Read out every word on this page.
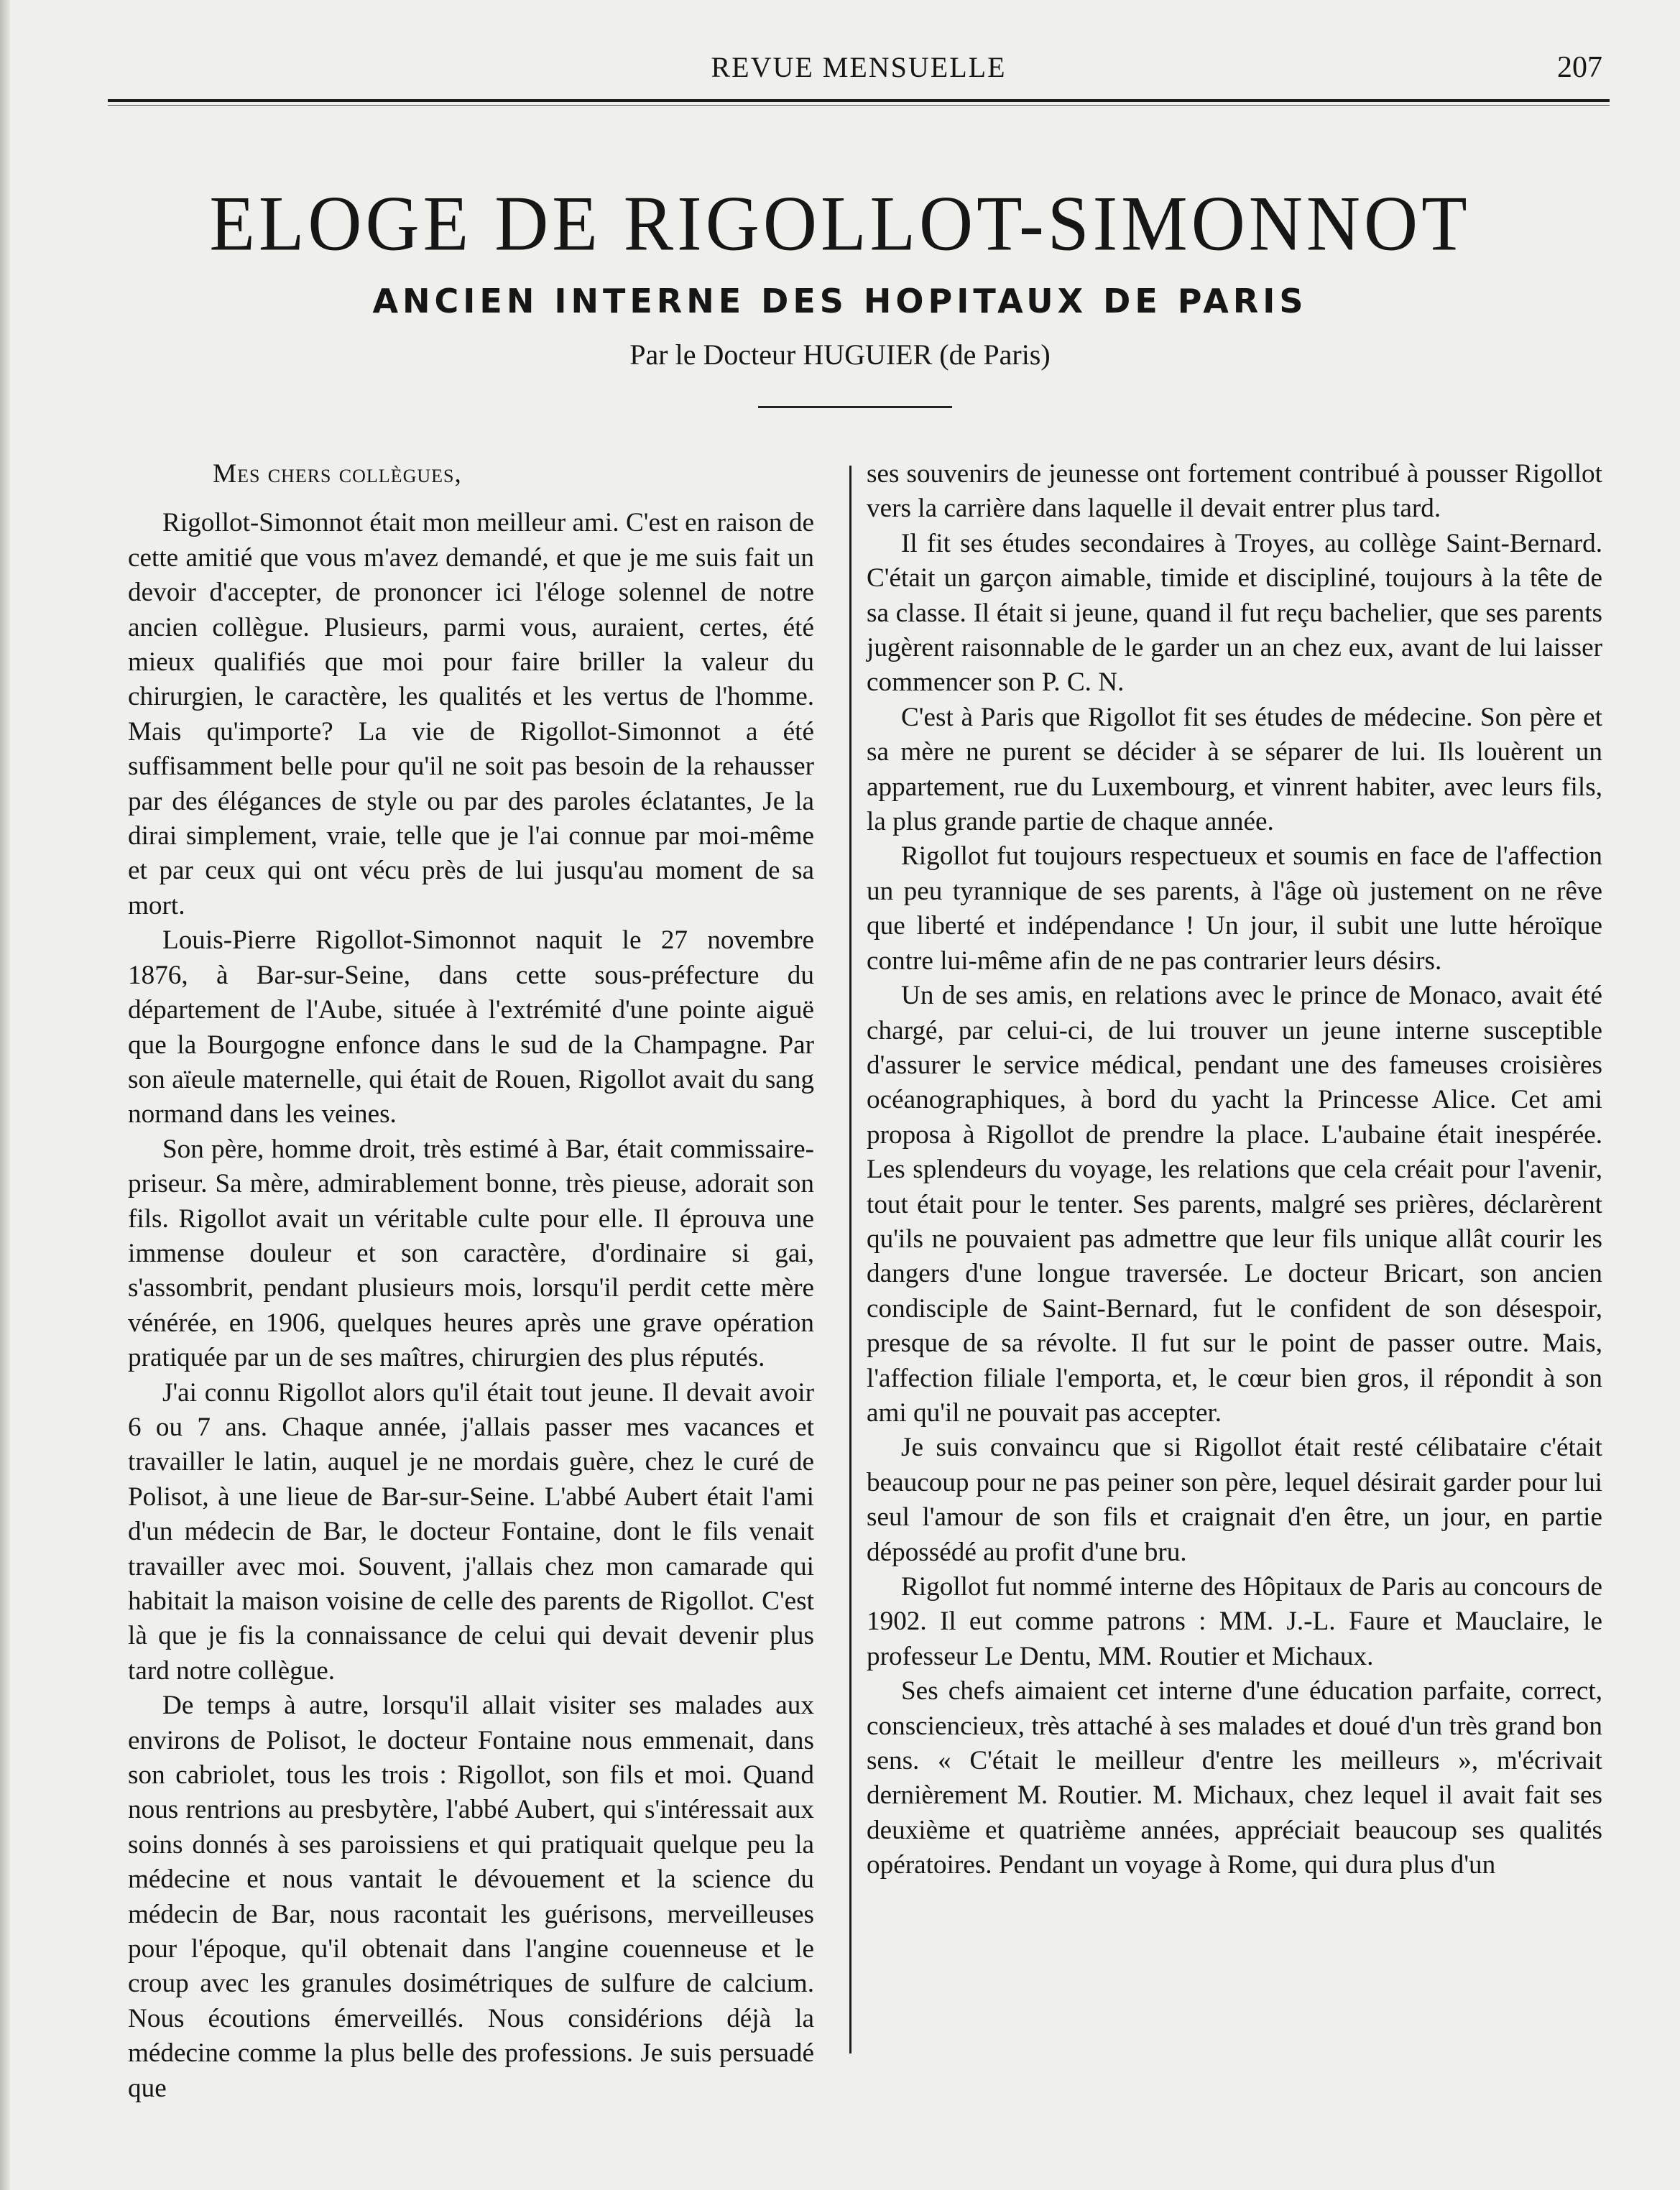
REVUE MENSUELLE	207
ELOGE DE RIGOLLOT-SIMONNOT
ANCIEN INTERNE DES HOPITAUX DE PARIS
Par le Docteur HUGUIER (de Paris)

Mes chers collègues,

Rigollot-Simonnot était mon meilleur ami. C'est en raison de cette amitié que vous m'avez demandé, et que je me suis fait un devoir d'accepter, de prononcer ici l'éloge solennel de notre ancien collègue. Plusieurs, parmi vous, auraient, certes, été mieux qualifiés que moi pour faire briller la valeur du chirurgien, le caractère, les qualités et les vertus de l'homme. Mais qu'importe? La vie de Rigollot-Simonnot a été suffisamment belle pour qu'il ne soit pas besoin de la rehausser par des élégances de style ou par des paroles éclatantes, Je la dirai simplement, vraie, telle que je l'ai connue par moi-même et par ceux qui ont vécu près de lui jusqu'au moment de sa mort.

Louis-Pierre Rigollot-Simonnot naquit le 27 novembre 1876, à Bar-sur-Seine, dans cette sous-préfecture du département de l'Aube, située à l'extrémité d'une pointe aiguë que la Bourgogne enfonce dans le sud de la Champagne. Par son aïeule maternelle, qui était de Rouen, Rigollot avait du sang normand dans les veines.

Son père, homme droit, très estimé à Bar, était commissaire-priseur. Sa mère, admirablement bonne, très pieuse, adorait son fils. Rigollot avait un véritable culte pour elle. Il éprouva une immense douleur et son caractère, d'ordinaire si gai, s'assombrit, pendant plusieurs mois, lorsqu'il perdit cette mère vénérée, en 1906, quelques heures après une grave opération pratiquée par un de ses maîtres, chirurgien des plus réputés.

J'ai connu Rigollot alors qu'il était tout jeune. Il devait avoir 6 ou 7 ans. Chaque année, j'allais passer mes vacances et travailler le latin, auquel je ne mordais guère, chez le curé de Polisot, à une lieue de Bar-sur-Seine. L'abbé Aubert était l'ami d'un médecin de Bar, le docteur Fontaine, dont le fils venait travailler avec moi. Souvent, j'allais chez mon camarade qui habitait la maison voisine de celle des parents de Rigollot. C'est là que je fis la connaissance de celui qui devait devenir plus tard notre collègue.

De temps à autre, lorsqu'il allait visiter ses malades aux environs de Polisot, le docteur Fontaine nous emmenait, dans son cabriolet, tous les trois : Rigollot, son fils et moi. Quand nous rentrions au presbytère, l'abbé Aubert, qui s'intéressait aux soins donnés à ses paroissiens et qui pratiquait quelque peu la médecine et nous vantait le dévouement et la science du médecin de Bar, nous racontait les guérisons, merveilleuses pour l'époque, qu'il obtenait dans l'angine couenneuse et le croup avec les granules dosimétriques de sulfure de calcium. Nous écoutions émerveillés. Nous considérions déjà la médecine comme la plus belle des professions. Je suis persuadé que

ses souvenirs de jeunesse ont fortement contribué à pousser Rigollot vers la carrière dans laquelle il devait entrer plus tard.

Il fit ses études secondaires à Troyes, au collège Saint-Bernard. C'était un garçon aimable, timide et discipliné, toujours à la tête de sa classe. Il était si jeune, quand il fut reçu bachelier, que ses parents jugèrent raisonnable de le garder un an chez eux, avant de lui laisser commencer son P. C. N.

C'est à Paris que Rigollot fit ses études de médecine. Son père et sa mère ne purent se décider à se séparer de lui. Ils louèrent un appartement, rue du Luxembourg, et vinrent habiter, avec leurs fils, la plus grande partie de chaque année.

Rigollot fut toujours respectueux et soumis en face de l'affection un peu tyrannique de ses parents, à l'âge où justement on ne rêve que liberté et indépendance ! Un jour, il subit une lutte héroïque contre lui-même afin de ne pas contrarier leurs désirs.

Un de ses amis, en relations avec le prince de Monaco, avait été chargé, par celui-ci, de lui trouver un jeune interne susceptible d'assurer le service médical, pendant une des fameuses croisières océanographiques, à bord du yacht la Princesse Alice. Cet ami proposa à Rigollot de prendre la place. L'aubaine était inespérée. Les splendeurs du voyage, les relations que cela créait pour l'avenir, tout était pour le tenter. Ses parents, malgré ses prières, déclarèrent qu'ils ne pouvaient pas admettre que leur fils unique allât courir les dangers d'une longue traversée. Le docteur Bricart, son ancien condisciple de Saint-Bernard, fut le confident de son désespoir, presque de sa révolte. Il fut sur le point de passer outre. Mais, l'affection filiale l'emporta, et, le cœur bien gros, il répondit à son ami qu'il ne pouvait pas accepter.

Je suis convaincu que si Rigollot était resté célibataire c'était beaucoup pour ne pas peiner son père, lequel désirait garder pour lui seul l'amour de son fils et craignait d'en être, un jour, en partie dépossédé au profit d'une bru.

Rigollot fut nommé interne des Hôpitaux de Paris au concours de 1902. Il eut comme patrons : MM. J.-L. Faure et Mauclaire, le professeur Le Dentu, MM. Routier et Michaux.

Ses chefs aimaient cet interne d'une éducation parfaite, correct, consciencieux, très attaché à ses malades et doué d'un très grand bon sens. « C'était le meilleur d'entre les meilleurs », m'écrivait dernièrement M. Routier. M. Michaux, chez lequel il avait fait ses deuxième et quatrième années, appréciait beaucoup ses qualités opératoires. Pendant un voyage à Rome, qui dura plus d'un
